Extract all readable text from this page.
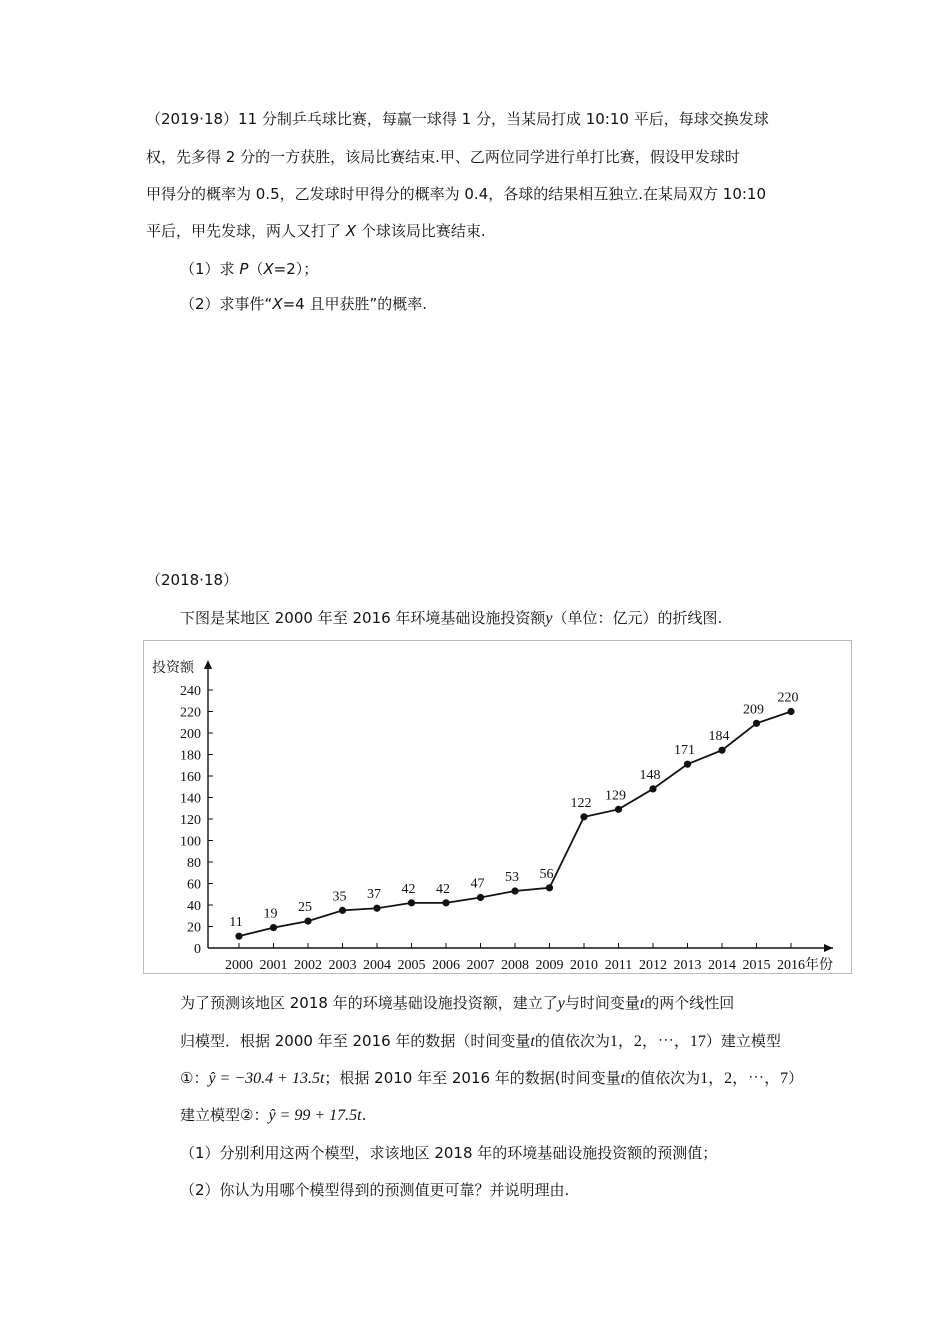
（2019·18）11 分制乒乓球比赛，每赢一球得 1 分，当某局打成 10:10 平后，每球交换发球
权，先多得 2 分的一方获胜，该局比赛结束.甲、乙两位同学进行单打比赛，假设甲发球时
甲得分的概率为 0.5，乙发球时甲得分的概率为 0.4，各球的结果相互独立.在某局双方 10:10
平后，甲先发球，两人又打了 X 个球该局比赛结束.
（1）求 P（X=2）；
（2）求事件“X=4 且甲获胜”的概率.
（2018·18）
下图是某地区 2000 年至 2016 年环境基础设施投资额y（单位：亿元）的折线图.
0
20
40
60
80
100
120
140
160
180
200
220
240
2000 2001 2002 2003 2004 2005 2006 2007 2008 2009 2010 2011 2012 2013 2014 2015 2016
投资额
年份
11
19 25
35 37 42 42 47 53 56
122
129
148
171
184
209
220
为了预测该地区 2018 年的环境基础设施投资额，建立了y与时间变量t的两个线性回
归模型．根据 2000 年至 2016 年的数据（时间变量t的值依次为1，2，⋯，17）建立模型
①：ŷ = −30.4 + 13.5t；根据 2010 年至 2016 年的数据(时间变量t的值依次为1，2，⋯，7）
建立模型②：ŷ = 99 + 17.5t.
（1）分别利用这两个模型，求该地区 2018 年的环境基础设施投资额的预测值；
（2）你认为用哪个模型得到的预测值更可靠？并说明理由.
